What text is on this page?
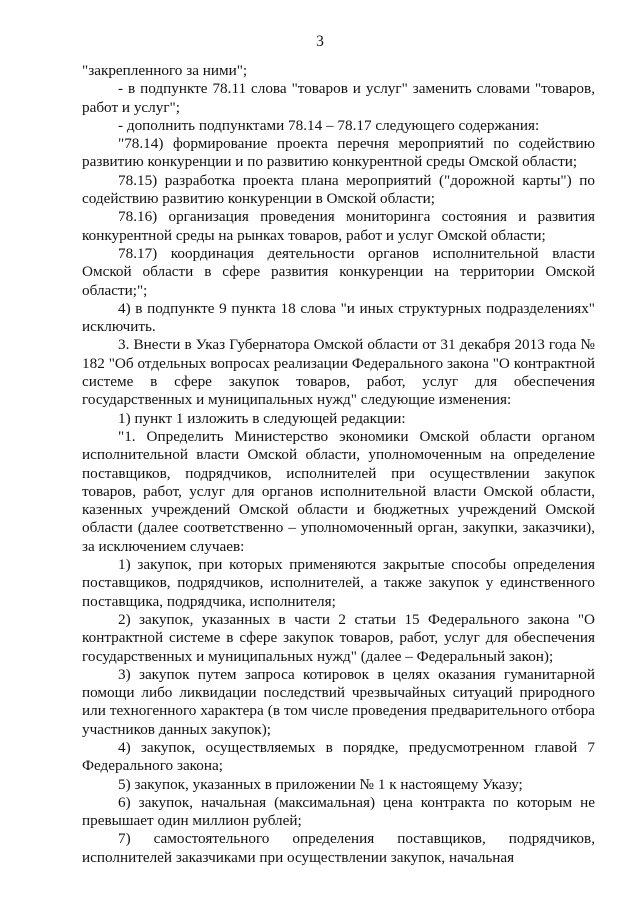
3

"закрепленного за ними";

- в подпункте 78.11 слова "товаров и услуг" заменить словами "товаров, работ и услуг";

- дополнить подпунктами 78.14 – 78.17 следующего содержания:

"78.14) формирование проекта перечня мероприятий по содействию развитию конкуренции и по развитию конкурентной среды Омской области;

78.15) разработка проекта плана мероприятий ("дорожной карты") по содействию развитию конкуренции в Омской области;

78.16) организация проведения мониторинга состояния и развития конкурентной среды на рынках товаров, работ и услуг Омской области;

78.17) координация деятельности органов исполнительной власти Омской области в сфере развития конкуренции на территории Омской области;";

4) в подпункте 9 пункта 18 слова "и иных структурных подразделениях" исключить.

3. Внести в Указ Губернатора Омской области от 31 декабря 2013 года № 182 "Об отдельных вопросах реализации Федерального закона "О контрактной системе в сфере закупок товаров, работ, услуг для обеспечения государственных и муниципальных нужд" следующие изменения:

1) пункт 1 изложить в следующей редакции:

"1. Определить Министерство экономики Омской области органом исполнительной власти Омской области, уполномоченным на определение поставщиков, подрядчиков, исполнителей при осуществлении закупок товаров, работ, услуг для органов исполнительной власти Омской области, казенных учреждений Омской области и бюджетных учреждений Омской области (далее соответственно – уполномоченный орган, закупки, заказчики), за исключением случаев:

1) закупок, при которых применяются закрытые способы определения поставщиков, подрядчиков, исполнителей, а также закупок у единственного поставщика, подрядчика, исполнителя;

2) закупок, указанных в части 2 статьи 15 Федерального закона "О контрактной системе в сфере закупок товаров, работ, услуг для обеспечения государственных и муниципальных нужд" (далее – Федеральный закон);

3) закупок путем запроса котировок в целях оказания гуманитарной помощи либо ликвидации последствий чрезвычайных ситуаций природного или техногенного характера (в том числе проведения предварительного отбора участников данных закупок);

4) закупок, осуществляемых в порядке, предусмотренном главой 7 Федерального закона;

5) закупок, указанных в приложении № 1 к настоящему Указу;

6) закупок, начальная (максимальная) цена контракта по которым не превышает один миллион рублей;

7) самостоятельного определения поставщиков, подрядчиков, исполнителей заказчиками при осуществлении закупок, начальная
